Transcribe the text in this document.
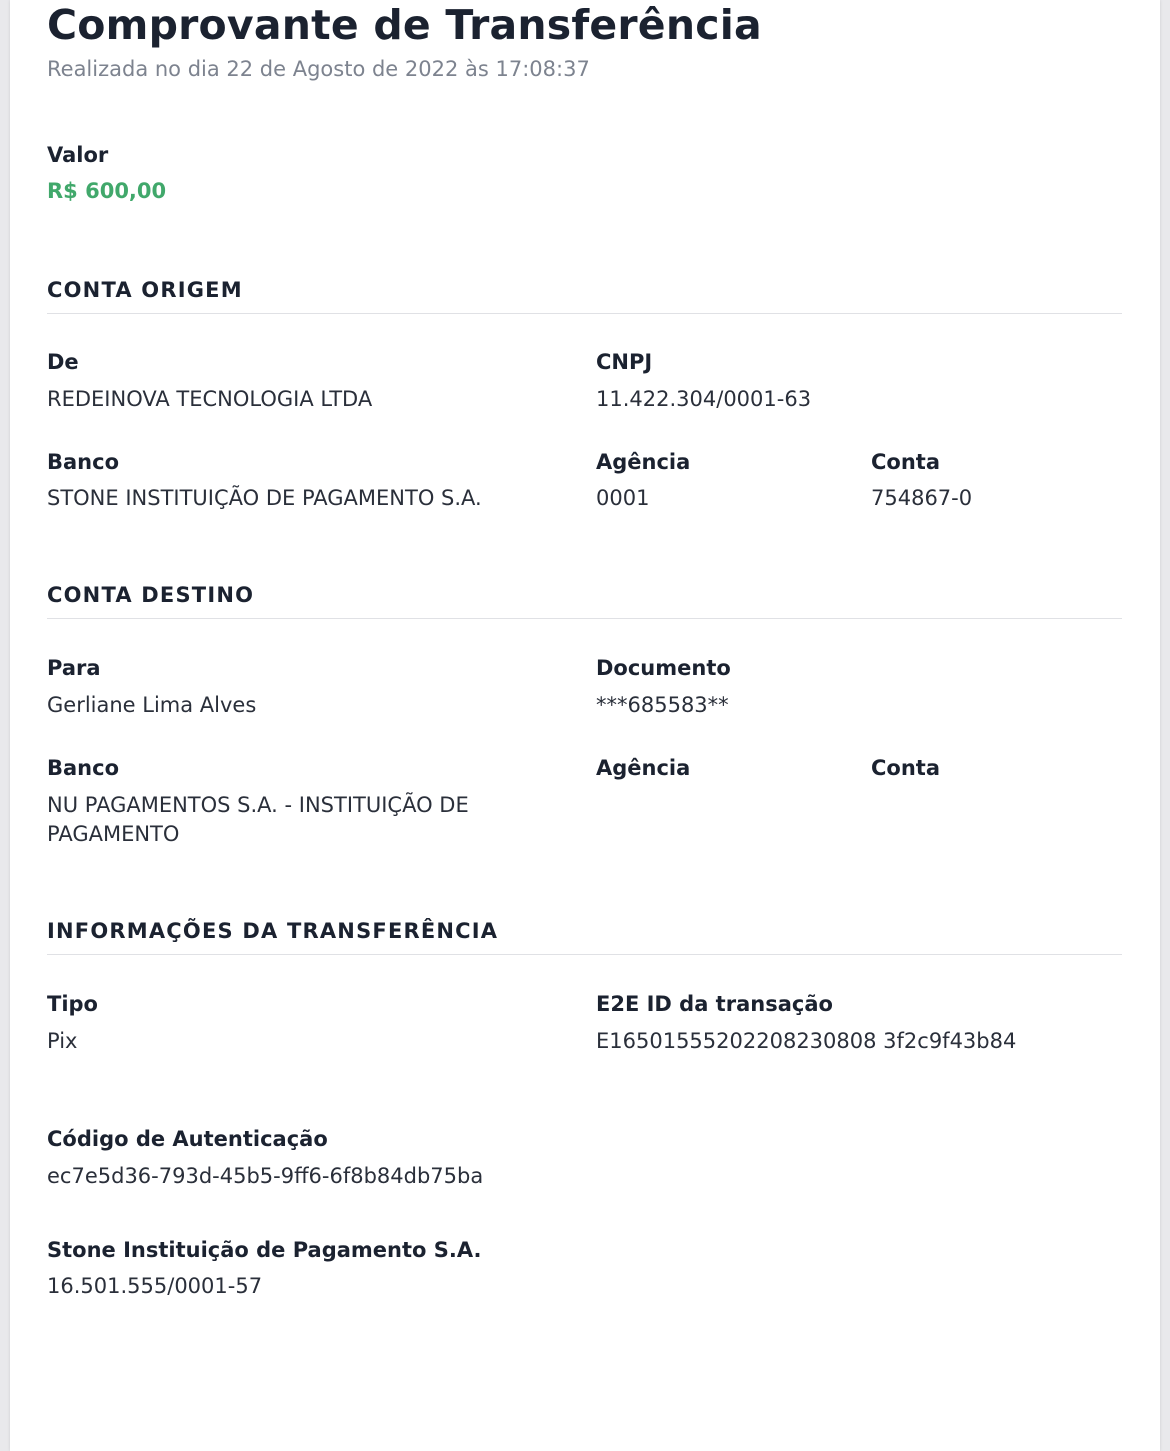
Comprovante de Transferência
Realizada no dia 22 de Agosto de 2022 às 17:08:37
Valor
R$ 600,00
CONTA ORIGEM
De
REDEINOVA TECNOLOGIA LTDA
CNPJ
11.422.304/0001-63
Banco
STONE INSTITUIÇÃO DE PAGAMENTO S.A.
Agência
0001
Conta
754867-0
CONTA DESTINO
Para
Gerliane Lima Alves
Documento
***685583**
Banco
NU PAGAMENTOS S.A. - INSTITUIÇÃO DE
PAGAMENTO
Agência	Conta
INFORMAÇÕES DA TRANSFERÊNCIA
Tipo
Pix
E2E ID da transação
E16501555202208230808 3f2c9f43b84
Código de Autenticação
ec7e5d36-793d-45b5-9ff6-6f8b84db75ba
Stone Instituição de Pagamento S.A.
16.501.555/0001-57
